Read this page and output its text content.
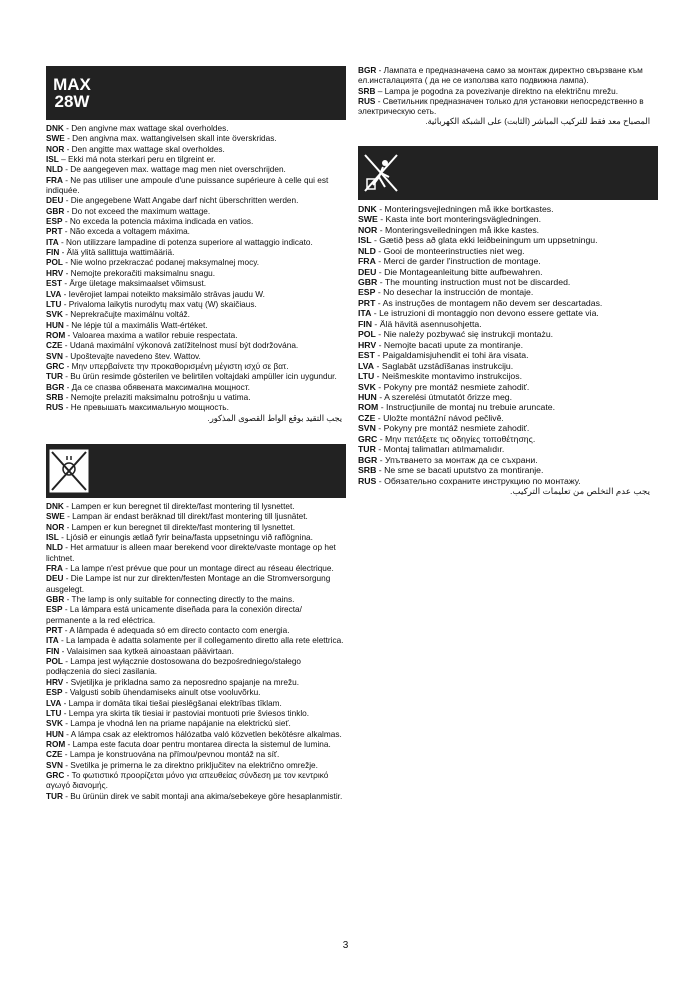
MAX
28W
DNK - Den angivne max wattage skal overholdes.
SWE - Den angivna max. wattangivelsen skall inte överskridas.
NOR - Den angitte max wattage skal overholdes.
ISL – Ekki má nota sterkari peru en tilgreint er.
NLD - De aangegeven max. wattage mag men niet overschrijden.
FRA - Ne pas utiliser une ampoule d'une puissance supérieure à celle qui est indiquée.
DEU - Die angegebene Watt Angabe darf nicht überschritten werden.
GBR - Do not exceed the maximum wattage.
ESP - No exceda la potencia máxima indicada en vatios.
PRT - Não exceda a voltagem máxima.
ITA - Non utilizzare lampadine di potenza superiore al wattaggio indicato.
FIN - Älä ylitä sallittuja wattimääriä.
POL - Nie wolno przekraczać podanej maksymalnej mocy.
HRV - Nemojte prekoračiti maksimalnu snagu.
EST - Ärge ületage maksimaalset võimsust.
LVA - Ievērojiet lampai noteikto maksimālo strāvas jaudu W.
LTU - Privaloma laikytis nurodytų max vatų (W) skaičiaus.
SVK - Neprekračujte maximálnu voltáž.
HUN - Ne lépje túl a maximális Watt-értéket.
ROM - Valoarea maxima a watilor rebuie respectata.
CZE - Udaná maximální výkonová zatížitelnost musí být dodržována.
SVN - Upoštevajte navedeno štev. Wattov.
GRC - Μην υπερβαίνετε την προκαθορισμένη μέγιστη ισχύ σε βατ.
TUR - Bu ürün resimde gösterilen ve belirtilen voltajdaki ampüller icin uygundur.
BGR - Да се спазва обявената максимална мощност.
SRB - Nemojte prelaziti maksimalnu potrošnju u vatima.
RUS - Не превышать максимальную мощность.
يجب التقيد بوقع الواط القصوى المذكور.
DNK - Lampen er kun beregnet til direkte/fast montering til lysnettet.
SWE - Lampan är endast beräknad till direkt/fast montering till ljusnätet.
NOR - Lampen er kun beregnet til direkte/fast montering til lysnettet.
ISL - Ljósið er einungis ætlað fyrir beina/fasta uppsetningu við raflögnina.
NLD - Het armatuur is alleen maar berekend voor direkte/vaste montage op het lichtnet.
FRA - La lampe n'est prévue que pour un montage direct au réseau électrique.
DEU - Die Lampe ist nur zur direkten/festen Montage an die Stromversorgung ausgelegt.
GBR - The lamp is only suitable for connecting directly to the mains.
ESP - La lámpara está unicamente diseñada para la conexión directa/ permanente a la red eléctrica.
PRT - A lâmpada é adequada só em directo contacto com energia.
ITA - La lampada è adatta solamente per il collegamento diretto alla rete elettrica.
FIN - Valaisimen saa kytkeä ainoastaan päävirtaan.
POL - Lampa jest wyłącznie dostosowana do bezpośredniego/stałego podłączenia do sieci zasilania.
HRV - Svjetiljka je prikladna samo za neposredno spajanje na mrežu.
ESP - Valgusti sobib ühendamiseks ainult otse vooluvõrku.
LVA - Lampa ir domāta tikai tiešai pieslēgšanai elektrības tīklam.
LTU - Lempa yra skirta tik tiesiai ir pastoviai montuoti prie šviesos tinklo.
SVK - Lampa je vhodná len na priame napájanie na elektrickú sieť.
HUN - A lámpa csak az elektromos hálózatba való közvetlen bekötésre alkalmas.
ROM - Lampa este facuta doar pentru montarea directa la sistemul de lumina.
CZE - Lampa je konstruována na přímou/pevnou montáž na síť.
SVN - Svetilka je primerna le za direktno priključitev na električno omrežje.
GRC - Το φωτιστικό προορίζεται μόνο για απευθείας σύνδεση με τον κεντρικό αγωγό διανομής.
TUR - Bu ürünün direk ve sabit montaji ana akima/sebekeye göre hesaplanmistir.
BGR - Лампата е предназначена само за монтаж директно свързване към ел.инсталацията ( да не се използва като подвижна лампа).
SRB – Lampa je pogodna za povezivanje direktno na električnu mrežu.
RUS - Светильник предназначен только для установки непосредственно в электрическую сеть.
المصباح معد فقط للتركيب المباشر (الثابت) على الشبكة الكهربائية.
DNK - Monteringsvejledningen må ikke bortkastes.
SWE - Kasta inte bort monteringsvägledningen.
NOR - Monteringsveiledningen må ikke kastes.
ISL - Gætið þess að glata ekki leiðbeiningum um uppsetningu.
NLD - Gooi de monteerinstructies niet weg.
FRA - Merci de garder l'instruction de montage.
DEU - Die Montageanleitung bitte aufbewahren.
GBR - The mounting instruction must not be discarded.
ESP - No desechar la instrucción de montaje.
PRT - As instruções de montagem não devem ser descartadas.
ITA - Le istruzioni di montaggio non devono essere gettate via.
FIN - Älä hävitä asennusohjetta.
POL - Nie należy pozbywać się instrukcji montażu.
HRV - Nemojte bacati upute za montiranje.
EST - Paigaldamisjuhendit ei tohi ära visata.
LVA - Saglabāt uzstādīšanas instrukciju.
LTU - Neišmeskite montavimo instrukcijos.
SVK - Pokyny pre montáž nesmiete zahodiť.
HUN - A szerelési útmutatót őrizze meg.
ROM - Instrucţiunile de montaj nu trebuie aruncate.
CZE - Uložte montážní návod pečlivě.
SVN - Pokyny pre montáž nesmiete zahodiť.
GRC - Μην πετάξετε τις οδηγίες τοποθέτησης.
TUR - Montaj talimatları atılmamalıdır.
BGR - Упътването за монтаж да се съхрани.
SRB - Ne sme se bacati uputstvo za montiranje.
RUS - Обязательно сохраните инструкцию по монтажу.
يجب عدم التخلص من تعليمات التركيب.
3
